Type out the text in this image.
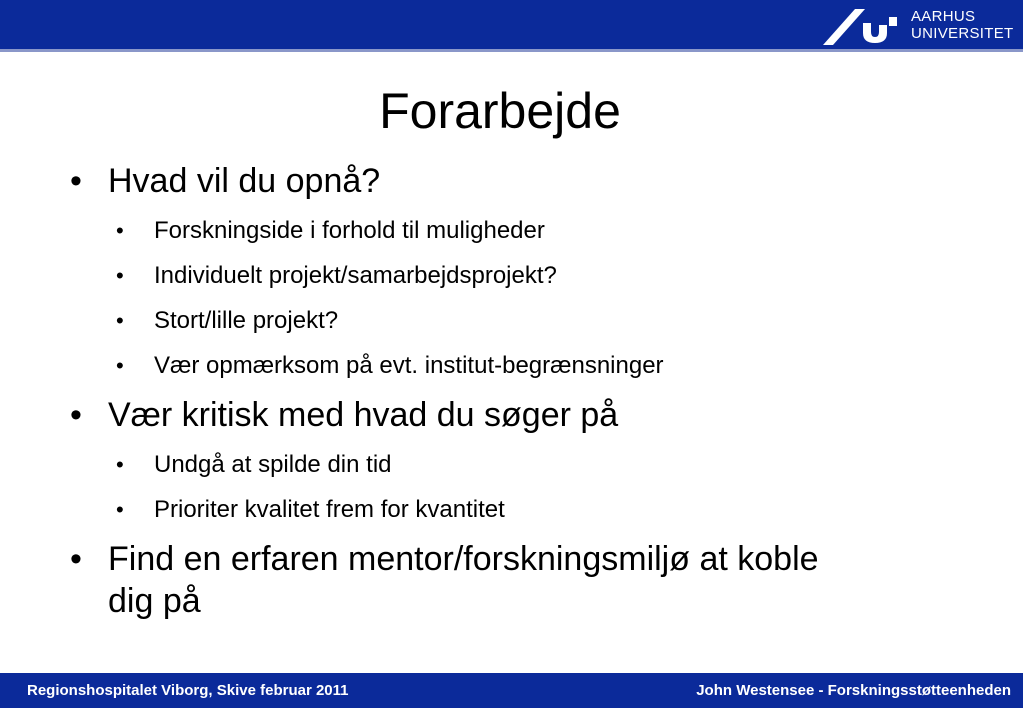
AARHUS
UNIVERSITET
Forarbejde
• Hvad vil du opnå?
• Forskningside i forhold til muligheder
• Individuelt projekt/samarbejdsprojekt?
• Stort/lille projekt?
• Vær opmærksom på evt. institut-begrænsninger
• Vær kritisk med hvad du søger på
• Undgå at spilde din tid
• Prioriter kvalitet frem for kvantitet
• Find en erfaren mentor/forskningsmiljø at koble
dig på
Regionshospitalet Viborg, Skive februar 2011	John Westensee - Forskningsstøtteenheden
